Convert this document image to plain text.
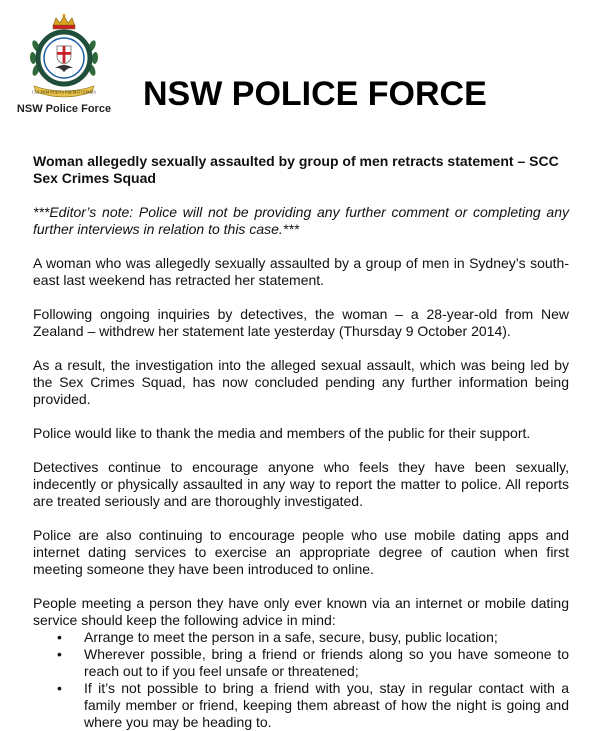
CULPAM POENA PREMIT COMES
NSW Police Force NSW POLICE FORCE

Woman allegedly sexually assaulted by group of men retracts statement – SCC Sex Crimes Squad

***Editor’s note: Police will not be providing any further comment or completing any further interviews in relation to this case.***

A woman who was allegedly sexually assaulted by a group of men in Sydney’s south-east last weekend has retracted her statement.

Following ongoing inquiries by detectives, the woman – a 28-year-old from New Zealand – withdrew her statement late yesterday (Thursday 9 October 2014).

As a result, the investigation into the alleged sexual assault, which was being led by the Sex Crimes Squad, has now concluded pending any further information being provided.

Police would like to thank the media and members of the public for their support.

Detectives continue to encourage anyone who feels they have been sexually, indecently or physically assaulted in any way to report the matter to police. All reports are treated seriously and are thoroughly investigated.

Police are also continuing to encourage people who use mobile dating apps and internet dating services to exercise an appropriate degree of caution when first meeting someone they have been introduced to online.

People meeting a person they have only ever known via an internet or mobile dating service should keep the following advice in mind:

• Arrange to meet the person in a safe, secure, busy, public location;
• Wherever possible, bring a friend or friends along so you have someone to reach out to if you feel unsafe or threatened;
• If it’s not possible to bring a friend with you, stay in regular contact with a family member or friend, keeping them abreast of how the night is going and where you may be heading to.
